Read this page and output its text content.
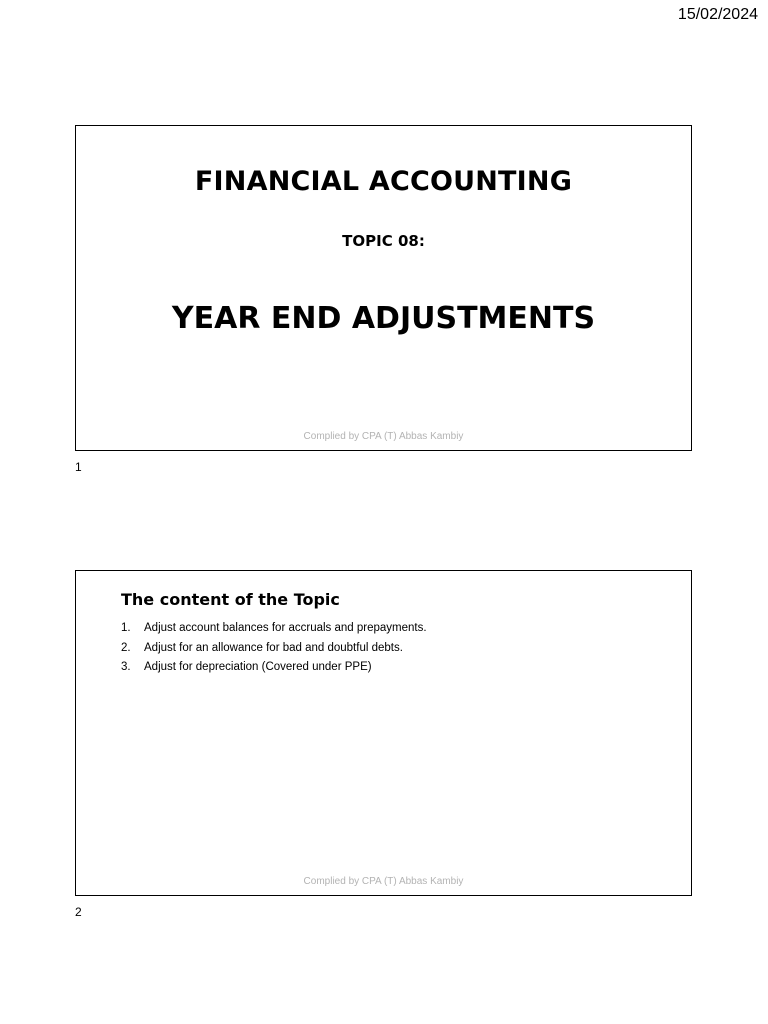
15/02/2024
FINANCIAL ACCOUNTING
TOPIC 08:
YEAR END ADJUSTMENTS
Complied by CPA (T) Abbas Kambiy
1
The content of the Topic
1.	Adjust account balances for accruals and prepayments.
2.	Adjust for an allowance for bad and doubtful debts.
3.	Adjust for depreciation (Covered under PPE)
Complied by CPA (T) Abbas Kambiy
2
